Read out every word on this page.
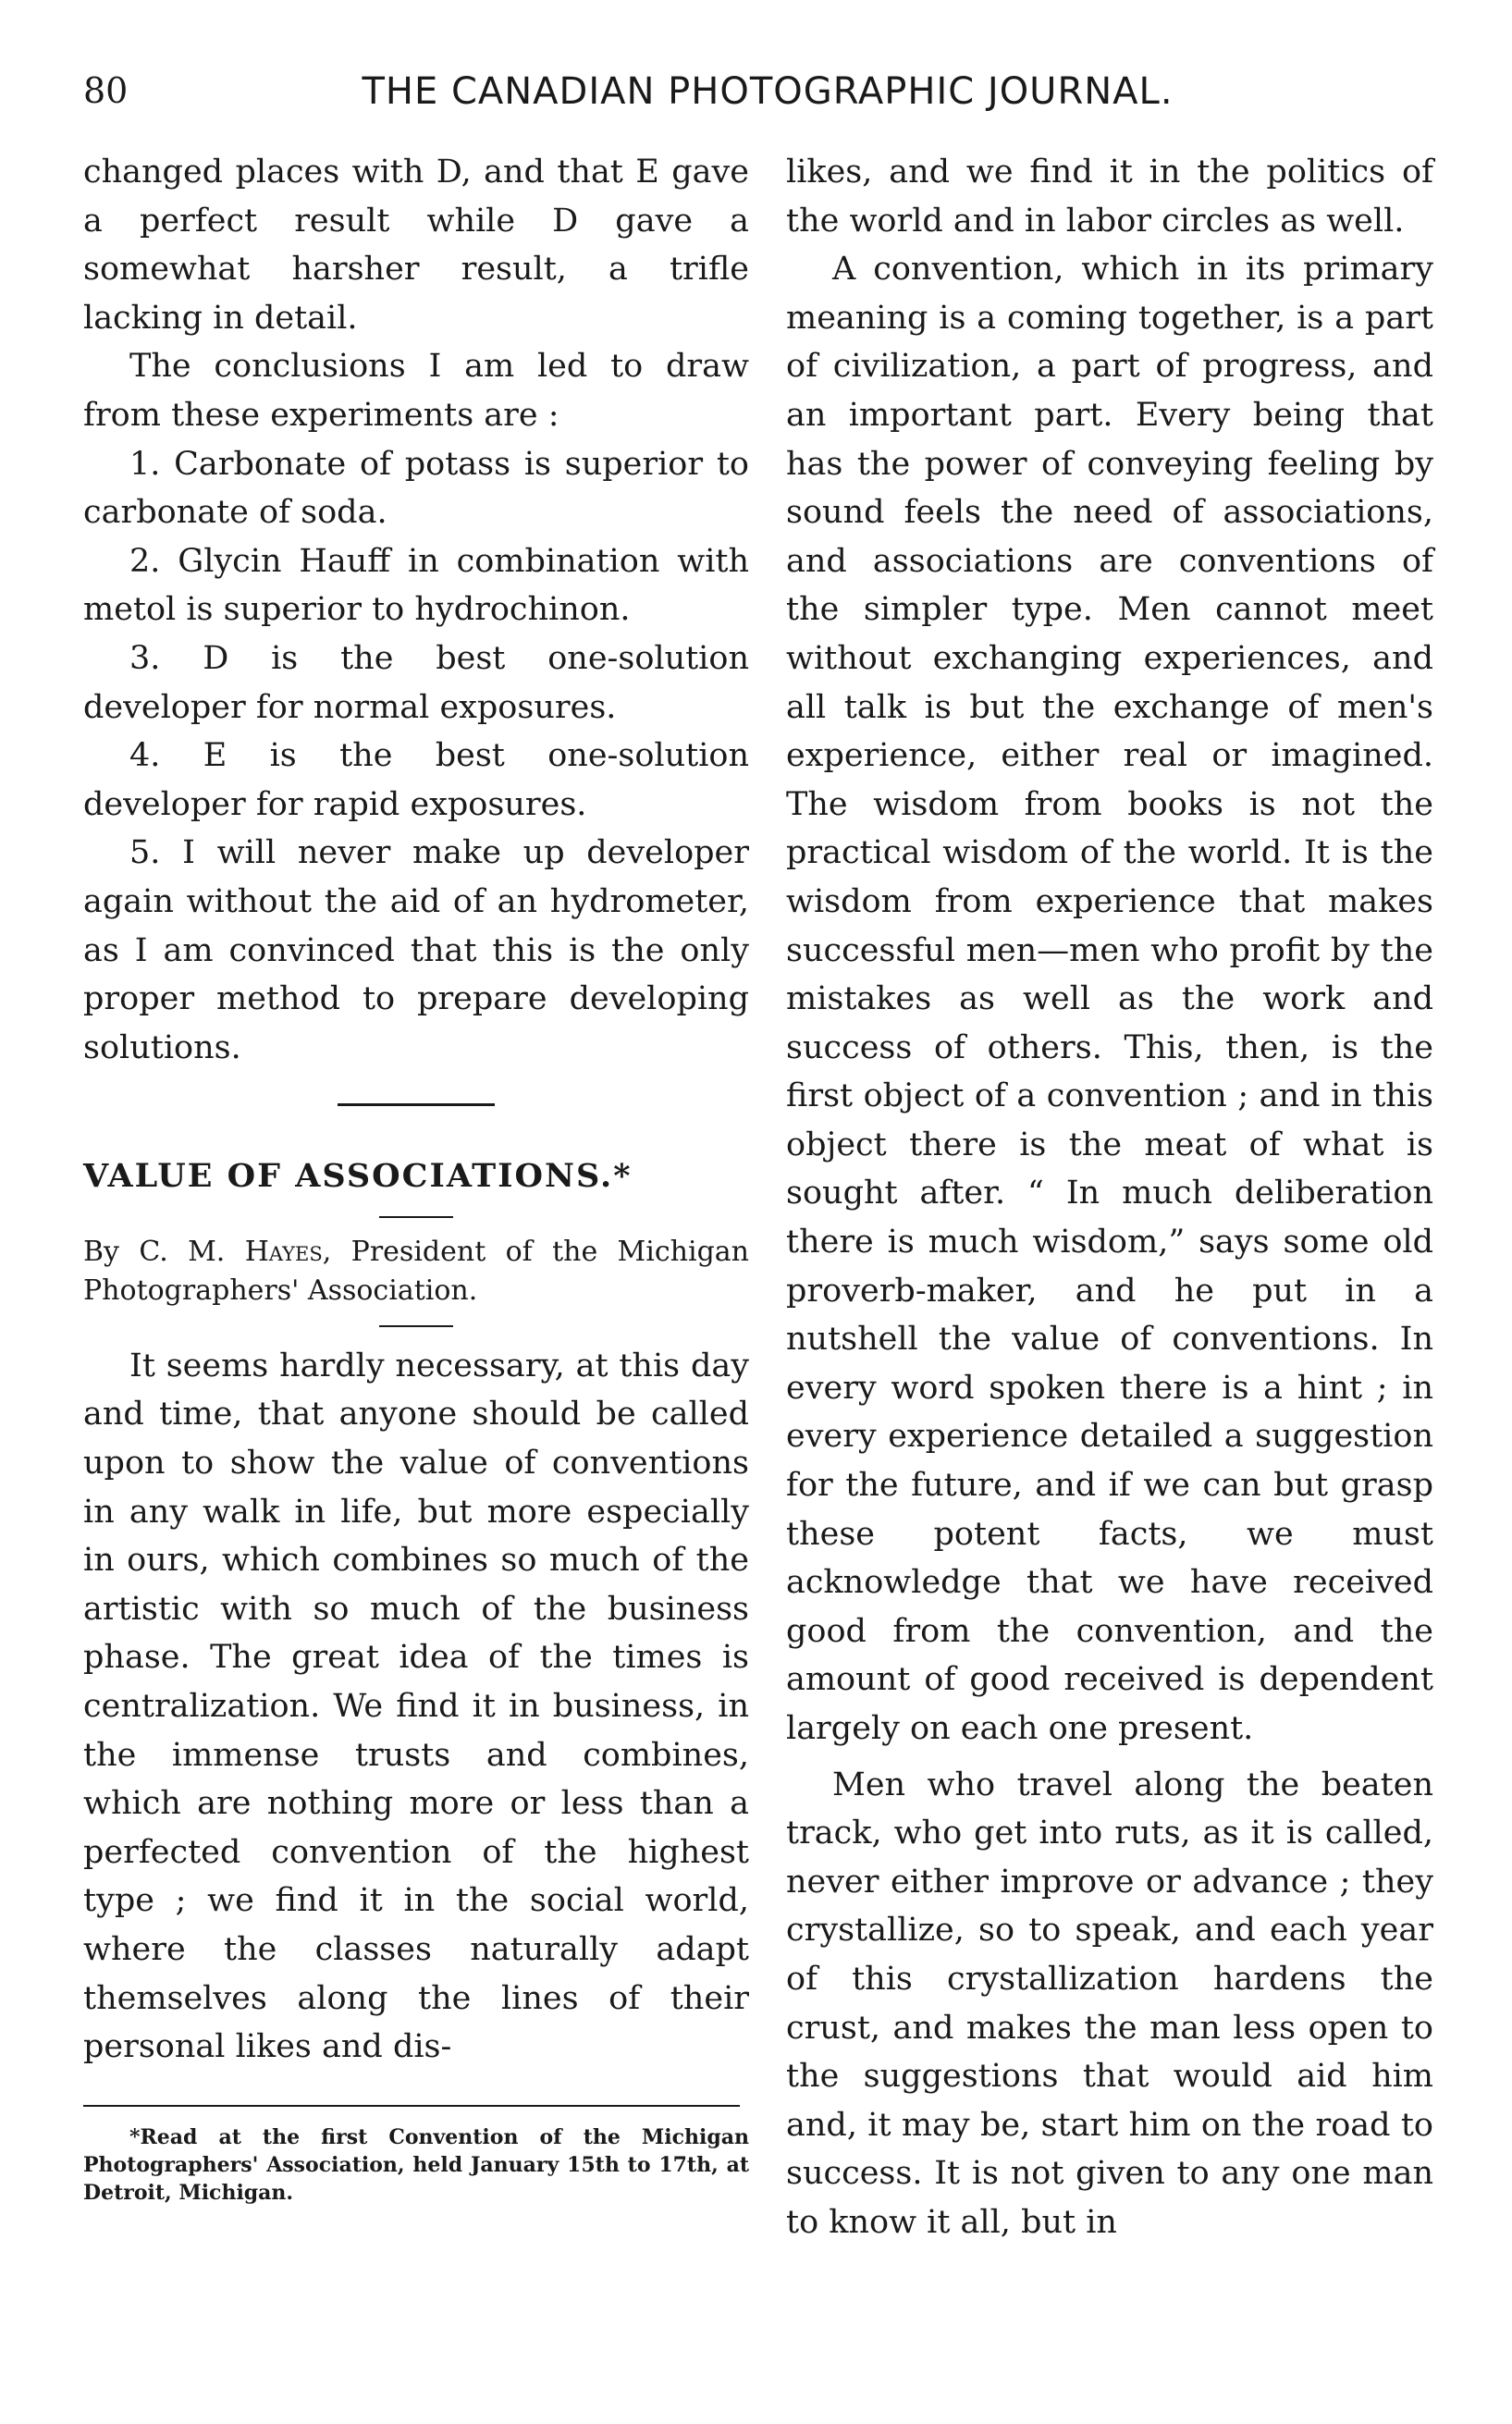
80	THE CANADIAN PHOTOGRAPHIC JOURNAL.

changed places with D, and that E gave a perfect result while D gave a somewhat harsher result, a trifle lacking in detail.

The conclusions I am led to draw from these experiments are :

1. Carbonate of potass is superior to carbonate of soda.

2. Glycin Hauff in combination with metol is superior to hydrochinon.

3. D is the best one-solution developer for normal exposures.

4. E is the best one-solution developer for rapid exposures.

5. I will never make up developer again without the aid of an hydrometer, as I am convinced that this is the only proper method to prepare developing solutions.

VALUE OF ASSOCIATIONS.*

By C. M. Hayes, President of the Michigan Photographers' Association.

It seems hardly necessary, at this day and time, that anyone should be called upon to show the value of conventions in any walk in life, but more especially in ours, which combines so much of the artistic with so much of the business phase. The great idea of the times is centralization. We find it in business, in the immense trusts and combines, which are nothing more or less than a perfected convention of the highest type ; we find it in the social world, where the classes naturally adapt themselves along the lines of their personal likes and dis-

*Read at the first Convention of the Michigan Photographers' Association, held January 15th to 17th, at Detroit, Michigan.

likes, and we find it in the politics of the world and in labor circles as well.

A convention, which in its primary meaning is a coming together, is a part of civilization, a part of progress, and an important part. Every being that has the power of conveying feeling by sound feels the need of associations, and associations are conventions of the simpler type. Men cannot meet without exchanging experiences, and all talk is but the exchange of men's experience, either real or imagined. The wisdom from books is not the practical wisdom of the world. It is the wisdom from experience that makes successful men—men who profit by the mistakes as well as the work and success of others. This, then, is the first object of a convention ; and in this object there is the meat of what is sought after. “ In much deliberation there is much wisdom,” says some old proverb-maker, and he put in a nutshell the value of conventions. In every word spoken there is a hint ; in every experience detailed a suggestion for the future, and if we can but grasp these potent facts, we must acknowledge that we have received good from the convention, and the amount of good received is dependent largely on each one present.

Men who travel along the beaten track, who get into ruts, as it is called, never either improve or advance ; they crystallize, so to speak, and each year of this crystallization hardens the crust, and makes the man less open to the suggestions that would aid him and, it may be, start him on the road to success. It is not given to any one man to know it all, but in
